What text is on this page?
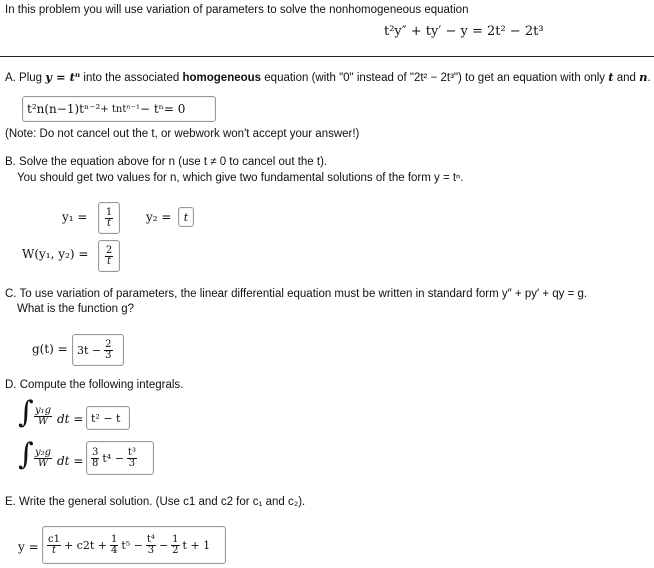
In this problem you will use variation of parameters to solve the nonhomogeneous equation
t²y″ + ty′ − y = 2t² − 2t³
A. Plug y = tⁿ into the associated homogeneous equation (with "0" instead of "2t² − 2t³") to get an equation with only t and n.
t²n(n−1)tⁿ⁻² + tntⁿ⁻¹ − tⁿ = 0
(Note: Do not cancel out the t, or webwork won't accept your answer!)
B. Solve the equation above for n (use t ≠ 0 to cancel out the t).
You should get two values for n, which give two fundamental solutions of the form y = tⁿ.
$y_1 = \frac{1}{t}$	y₂ = t
W(y₁, $y_2) = \frac{2}{t}$
C. To use variation of parameters, the linear differential equation must be written in standard form y″ + py′ + qy = g.
What is the function g?
$g(t) = 3t - \frac{2}{3}$
D. Compute the following integrals.
∫ $\frac{\text{y₁g}}{W}$ dt = t² − t
∫ $\frac{\text{y₂g}}{W}$ dt = $\frac{3}{8} t^4 - \frac{\text{t³}}{3}$
E. Write the general solution. (Use c1 and c2 for c₁ and c₂).
$y = \frac{c1}{t} + c2t + \frac{1}{4} t^5 - \frac{\text{t⁴}}{3} - \frac{1}{2}$ t + 1
